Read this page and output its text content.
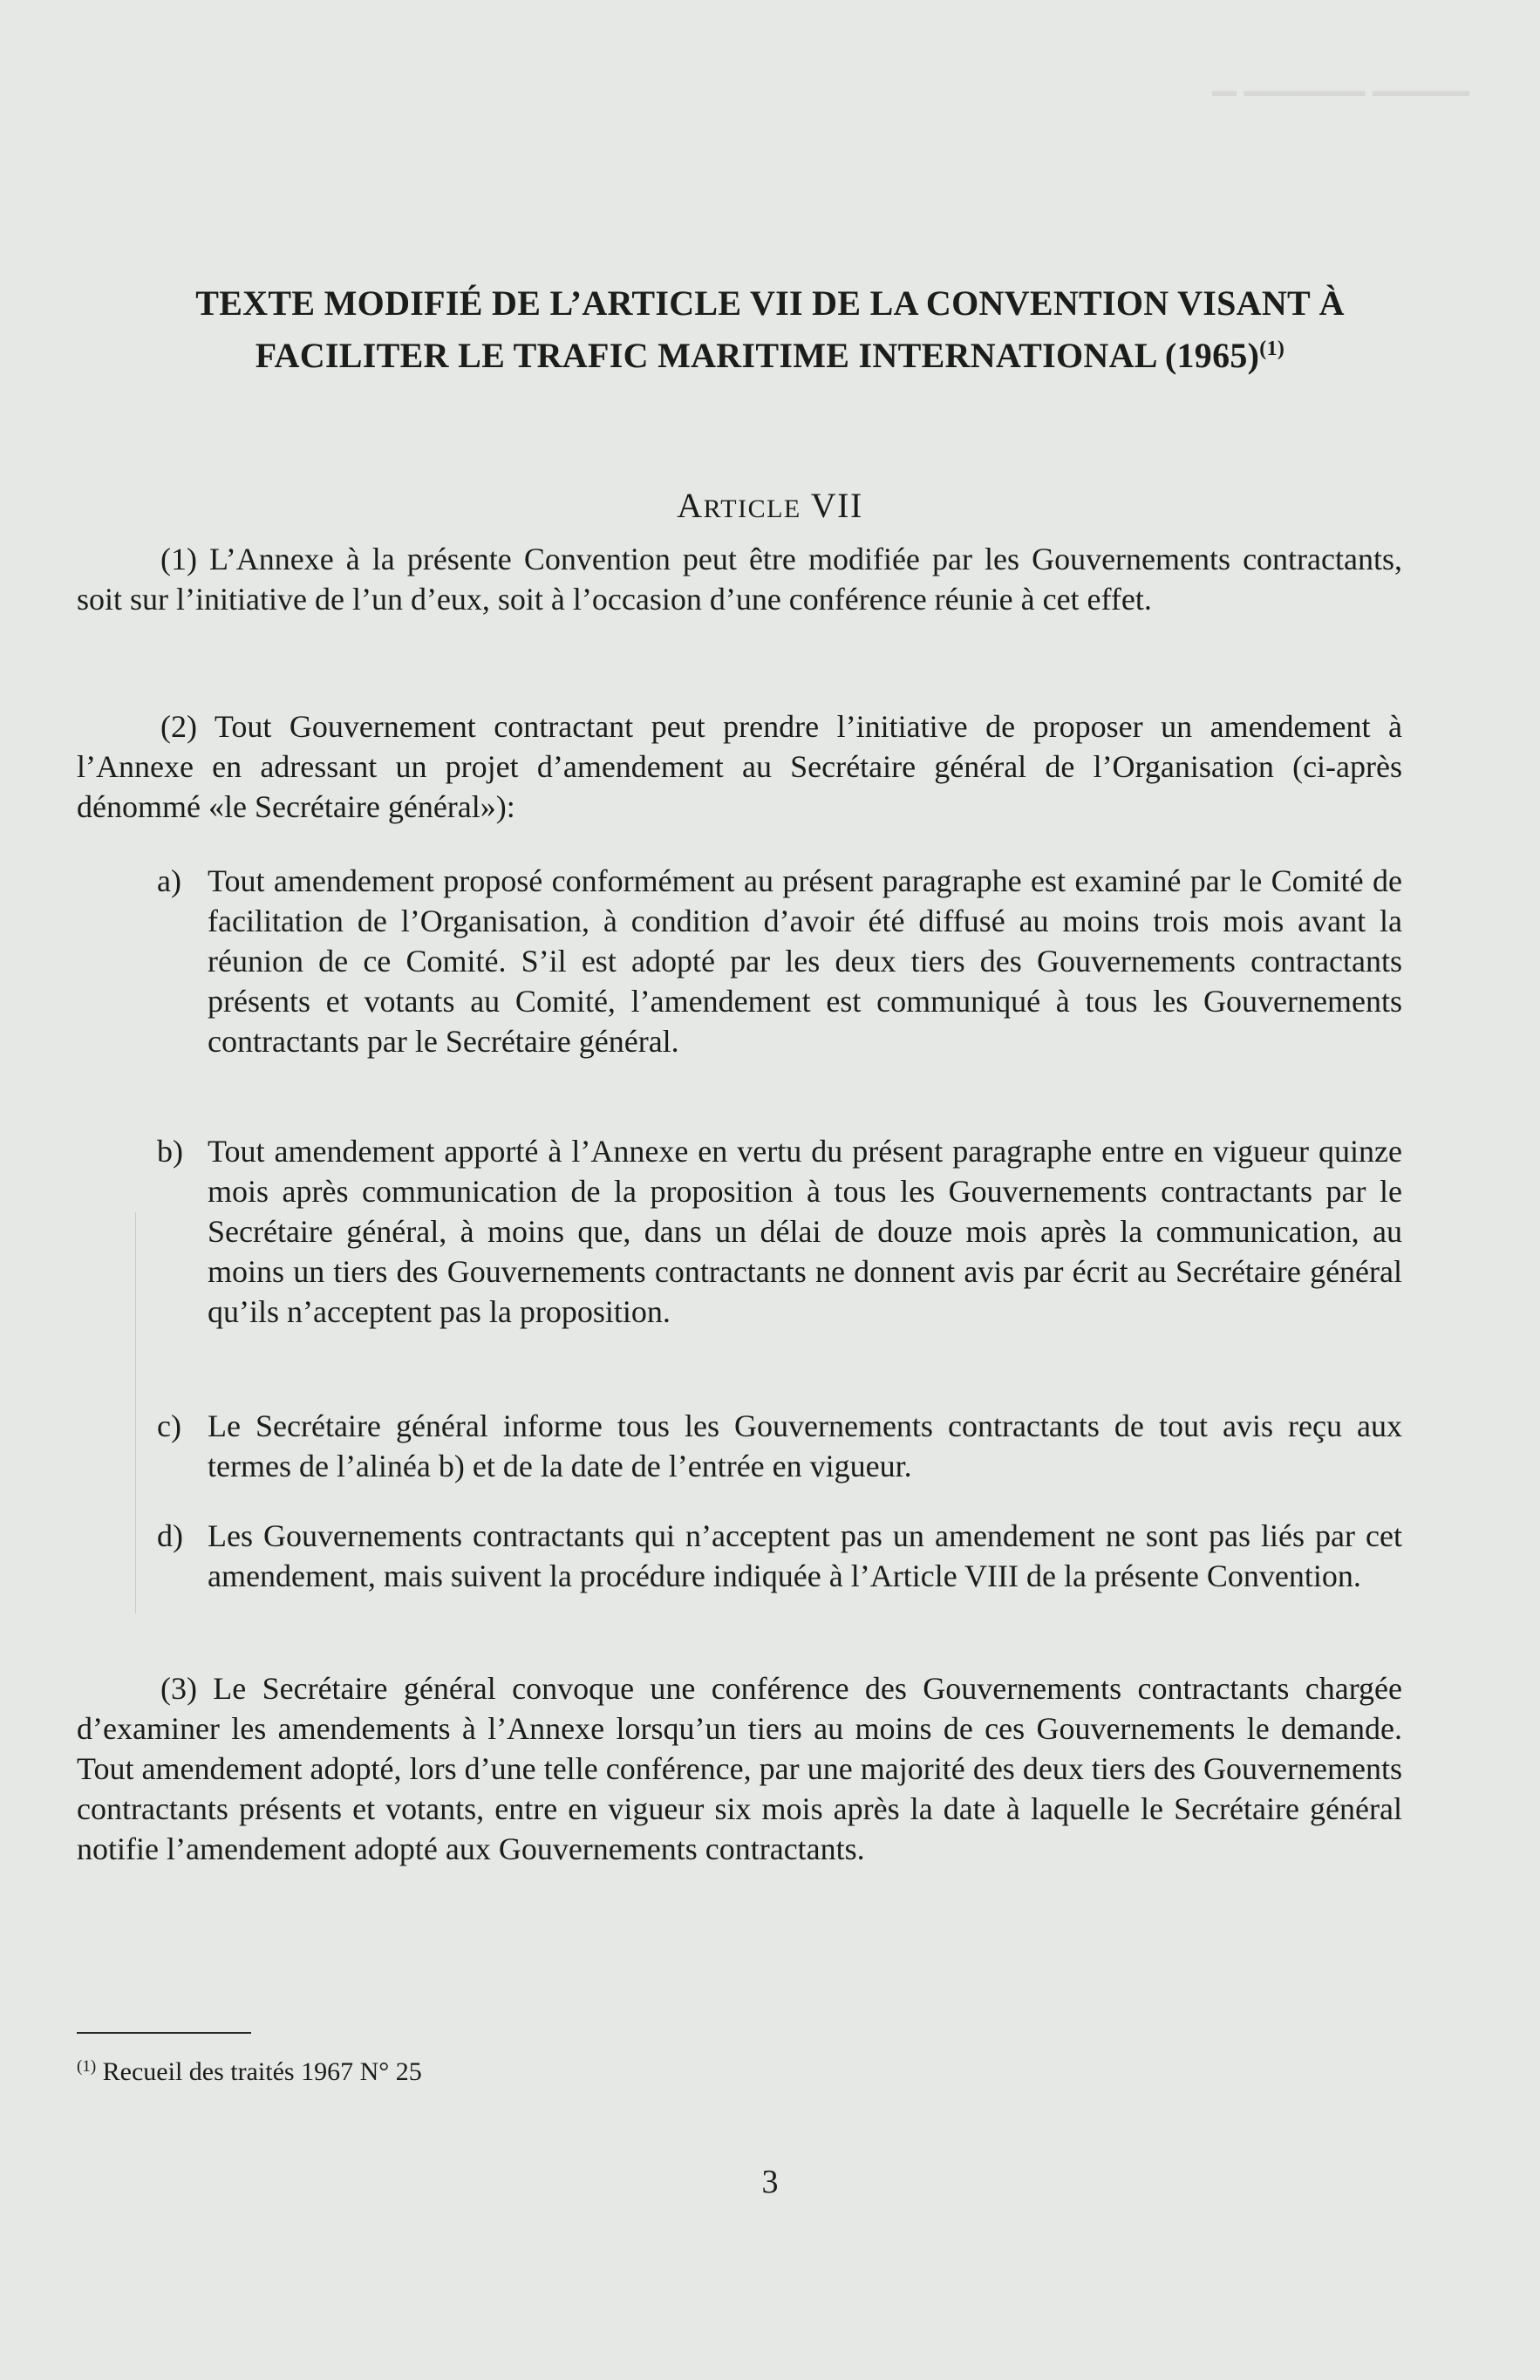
▔▔▔▔ ▔▔▔▔▔ ▔
TEXTE MODIFIÉ DE L’ARTICLE VII DE LA CONVENTION VISANT À
FACILITER LE TRAFIC MARITIME INTERNATIONAL $(1965)^{(1)}$
ARTICLE VII

(1) L’Annexe à la présente Convention peut être modifiée par les Gouvernements contractants, soit sur l’initiative de l’un d’eux, soit à l’occasion d’une conférence réunie à cet effet.

(2) Tout Gouvernement contractant peut prendre l’initiative de proposer un amendement à l’Annexe en adressant un projet d’amendement au Secrétaire général de l’Organisation (ci-après dénommé «le Secrétaire général»):

a) Tout amendement proposé conformément au présent paragraphe est examiné par le Comité de facilitation de l’Organisation, à condition d’avoir été diffusé au moins trois mois avant la réunion de ce Comité. S’il est adopté par les deux tiers des Gouvernements contractants présents et votants au Comité, l’amendement est communiqué à tous les Gouvernements contractants par le Secrétaire général.
b) Tout amendement apporté à l’Annexe en vertu du présent paragraphe entre en vigueur quinze mois après communication de la proposition à tous les Gouvernements contractants par le Secrétaire général, à moins que, dans un délai de douze mois après la communication, au moins un tiers des Gouvernements contractants ne donnent avis par écrit au Secrétaire général qu’ils n’acceptent pas la proposition.
c) Le Secrétaire général informe tous les Gouvernements contractants de tout avis reçu aux termes de l’alinéa b) et de la date de l’entrée en vigueur.
d) Les Gouvernements contractants qui n’acceptent pas un amendement ne sont pas liés par cet amendement, mais suivent la procédure indiquée à l’Article VIII de la présente Convention.

(3) Le Secrétaire général convoque une conférence des Gouvernements contractants chargée d’examiner les amendements à l’Annexe lorsqu’un tiers au moins de ces Gouvernements le demande. Tout amendement adopté, lors d’une telle conférence, par une majorité des deux tiers des Gouvernements contractants présents et votants, entre en vigueur six mois après la date à laquelle le Secrétaire général notifie l’amendement adopté aux Gouvernements contractants.

$^{(1)}$ Recueil des traités 1967 N° 25
3
